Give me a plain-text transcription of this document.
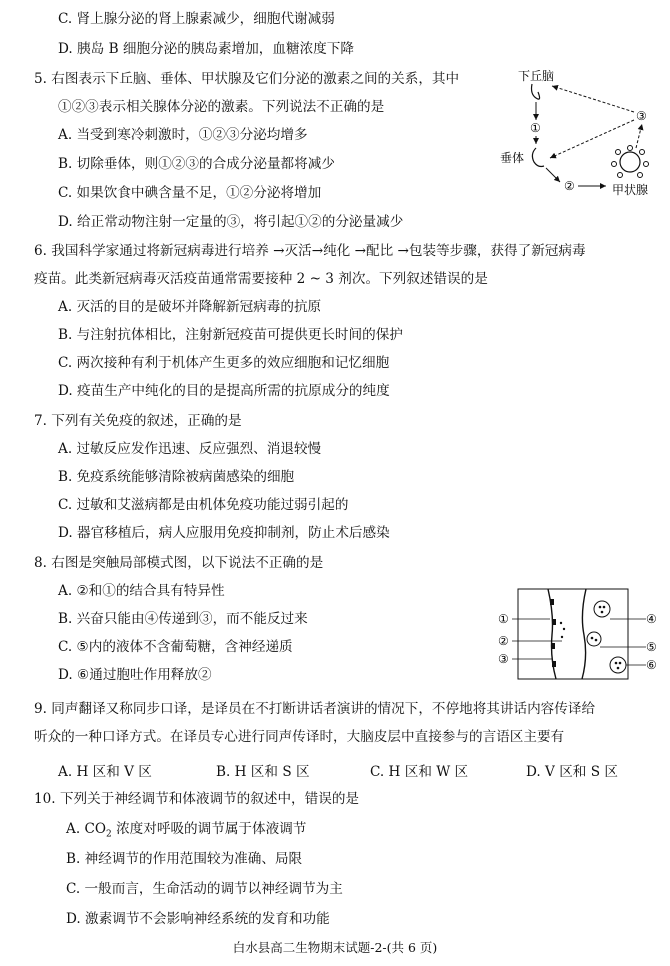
C. 肾上腺分泌的肾上腺素减少，细胞代谢减弱
D. 胰岛 B 细胞分泌的胰岛素增加，血糖浓度下降
5. 右图表示下丘脑、垂体、甲状腺及它们分泌的激素之间的关系，其中
①②③表示相关腺体分泌的激素。下列说法不正确的是
A. 当受到寒冷刺激时，①②③分泌均增多
B. 切除垂体，则①②③的合成分泌量都将减少
C. 如果饮食中碘含量不足，①②分泌将增加
D. 给正常动物注射一定量的③，将引起①②的分泌量减少
下丘脑
①
垂体
②	甲状腺
③
6. 我国科学家通过将新冠病毒进行培养 →灭活→纯化 →配比 →包装等步骤，获得了新冠病毒
疫苗。此类新冠病毒灭活疫苗通常需要接种 2 ~ 3 剂次。下列叙述错误的是
A. 灭活的目的是破坏并降解新冠病毒的抗原
B. 与注射抗体相比，注射新冠疫苗可提供更长时间的保护
C. 两次接种有利于机体产生更多的效应细胞和记忆细胞
D. 疫苗生产中纯化的目的是提高所需的抗原成分的纯度
7. 下列有关免疫的叙述，正确的是
A. 过敏反应发作迅速、反应强烈、消退较慢
B. 免疫系统能够清除被病菌感染的细胞
C. 过敏和艾滋病都是由机体免疫功能过弱引起的
D. 器官移植后，病人应服用免疫抑制剂，防止术后感染
8. 右图是突触局部模式图，以下说法不正确的是
A. ②和①的结合具有特异性
B. 兴奋只能由④传递到③，而不能反过来
C. ⑤内的液体不含葡萄糖，含神经递质
D. ⑥通过胞吐作用释放②
①
②
③
④
⑤
⑥
9. 同声翻译又称同步口译，是译员在不打断讲话者演讲的情况下，不停地将其讲话内容传译给
听众的一种口译方式。在译员专心进行同声传译时，大脑皮层中直接参与的言语区主要有
A. H 区和 V 区	B. H 区和 S 区	C. H 区和 W 区	D. V 区和 S 区
10. 下列关于神经调节和体液调节的叙述中，错误的是
A. $CO_2$ 浓度对呼吸的调节属于体液调节
B. 神经调节的作用范围较为准确、局限
C. 一般而言，生命活动的调节以神经调节为主
D. 激素调节不会影响神经系统的发育和功能
白水县高二生物期末试题-2-(共 6 页)
